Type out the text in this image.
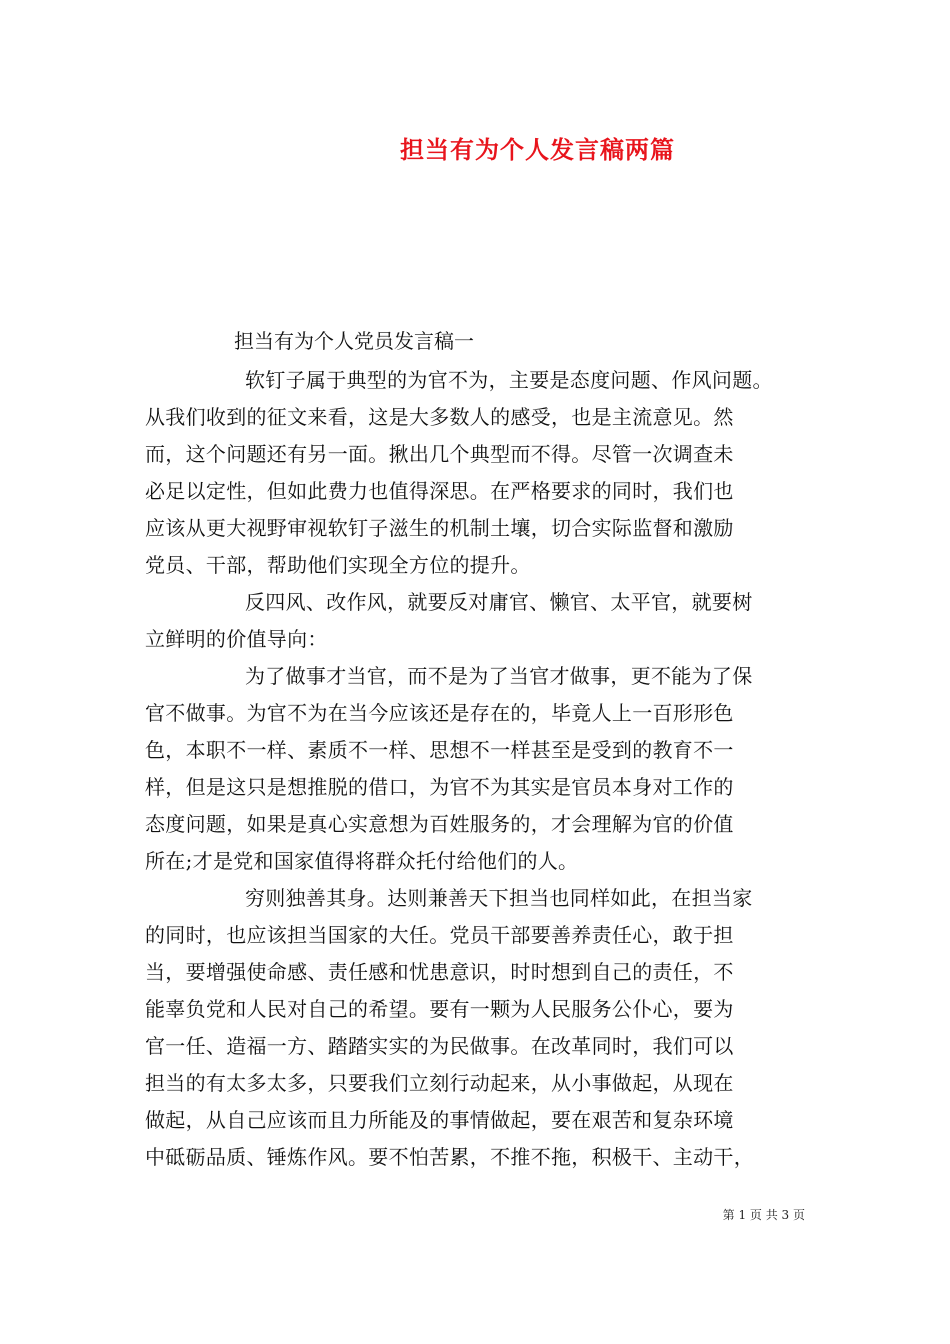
担当有为个人发言稿两篇
担当有为个人党员发言稿一
软钉子属于典型的为官不为，主要是态度问题、作风问题。
从我们收到的征文来看，这是大多数人的感受，也是主流意见。然
而，这个问题还有另一面。揪出几个典型而不得。尽管一次调查未
必足以定性，但如此费力也值得深思。在严格要求的同时，我们也
应该从更大视野审视软钉子滋生的机制土壤，切合实际监督和激励
党员、干部，帮助他们实现全方位的提升。
反四风、改作风，就要反对庸官、懒官、太平官，就要树
立鲜明的价值导向：
为了做事才当官，而不是为了当官才做事，更不能为了保
官不做事。为官不为在当今应该还是存在的，毕竟人上一百形形色
色，本职不一样、素质不一样、思想不一样甚至是受到的教育不一
样，但是这只是想推脱的借口，为官不为其实是官员本身对工作的
态度问题，如果是真心实意想为百姓服务的，才会理解为官的价值
所在;才是党和国家值得将群众托付给他们的人。
穷则独善其身。达则兼善天下担当也同样如此，在担当家
的同时，也应该担当国家的大任。党员干部要善养责任心，敢于担
当，要增强使命感、责任感和忧患意识，时时想到自己的责任，不
能辜负党和人民对自己的希望。要有一颗为人民服务公仆心，要为
官一任、造福一方、踏踏实实的为民做事。在改革同时，我们可以
担当的有太多太多，只要我们立刻行动起来，从小事做起，从现在
做起，从自己应该而且力所能及的事情做起，要在艰苦和复杂环境
中砥砺品质、锤炼作风。要不怕苦累，不推不拖，积极干、主动干，
第 1 页 共 3 页
